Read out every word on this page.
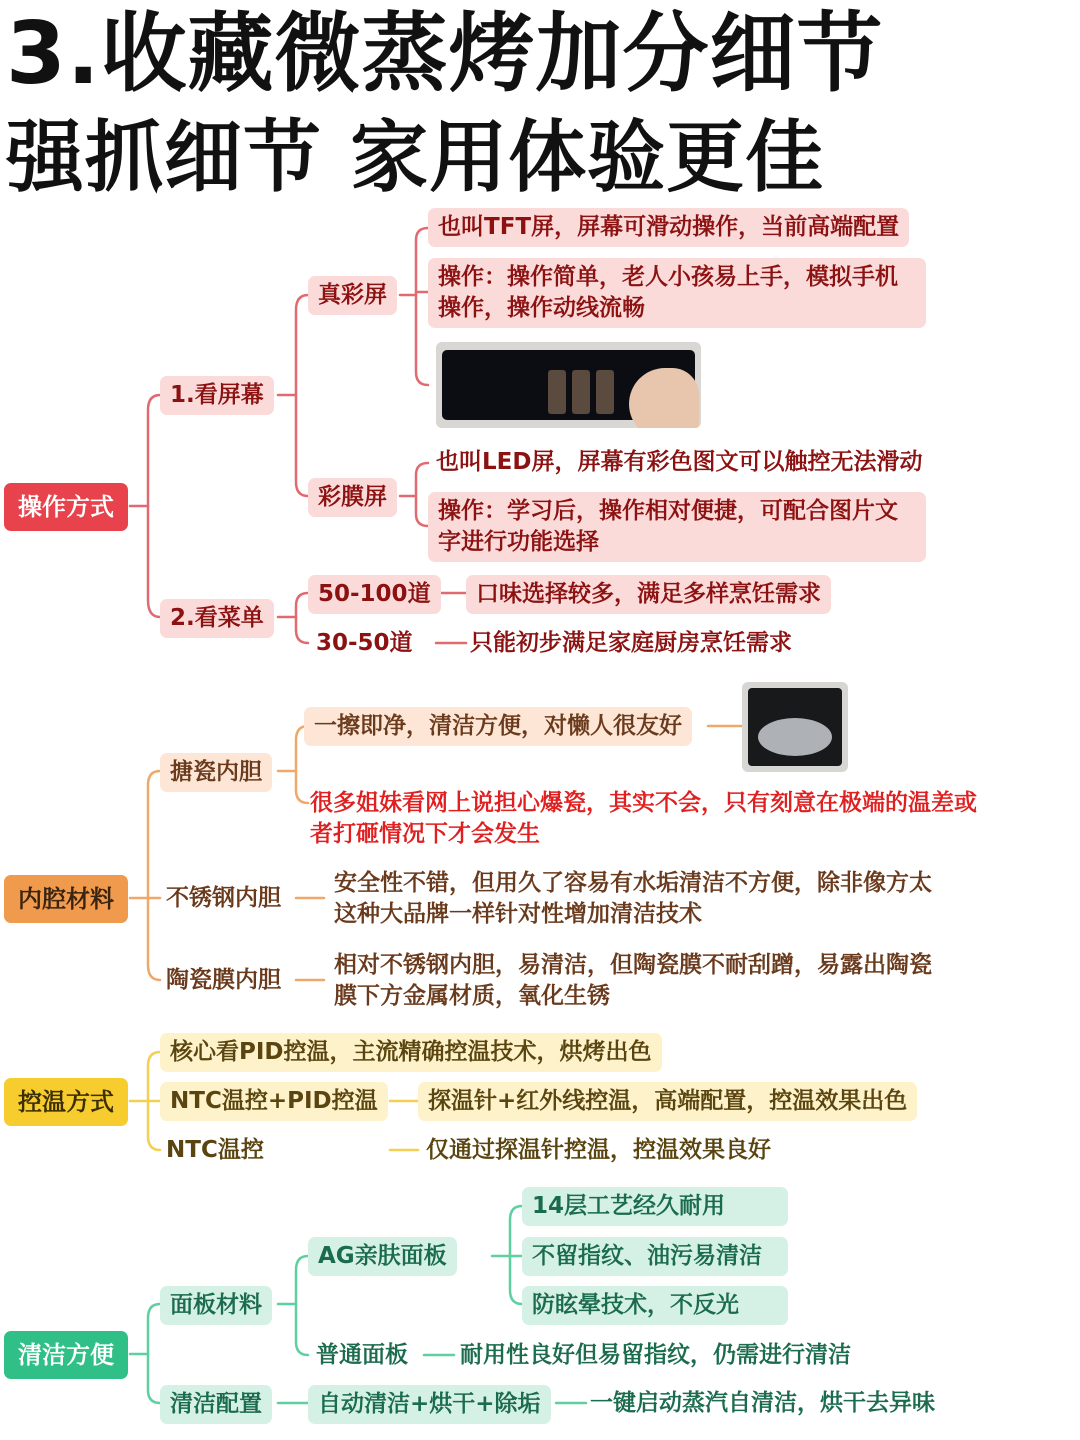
3.收藏微蒸烤加分细节
强抓细节 家用体验更佳
操作方式
1.看屏幕
真彩屏
也叫TFT屏，屏幕可滑动操作，当前高端配置
操作：操作简单，老人小孩易上手，模拟手机操作，操作动线流畅
彩膜屏
也叫LED屏，屏幕有彩色图文可以触控无法滑动
操作：学习后，操作相对便捷，可配合图片文字进行功能选择
2.看菜单
50-100道	口味选择较多，满足多样烹饪需求
30-50道 只能初步满足家庭厨房烹饪需求
内腔材料
搪瓷内胆
一擦即净，清洁方便，对懒人很友好
很多姐妹看网上说担心爆瓷，其实不会，只有刻意在极端的温差或者打砸情况下才会发生
不锈钢内胆
安全性不错，但用久了容易有水垢清洁不方便，除非像方太这种大品牌一样针对性增加清洁技术
陶瓷膜内胆
相对不锈钢内胆，易清洁，但陶瓷膜不耐刮蹭，易露出陶瓷膜下方金属材质，氧化生锈
控温方式
核心看PID控温，主流精确控温技术，烘烤出色
NTC温控+PID控温	探温针+红外线控温，高端配置，控温效果出色
NTC温控	仅通过探温针控温，控温效果良好
清洁方便
面板材料
AG亲肤面板
14层工艺经久耐用
不留指纹、油污易清洁
防眩晕技术，不反光
普通面板 耐用性良好但易留指纹，仍需进行清洁
清洁配置	自动清洁+烘干+除垢	一键启动蒸汽自清洁，烘干去异味
